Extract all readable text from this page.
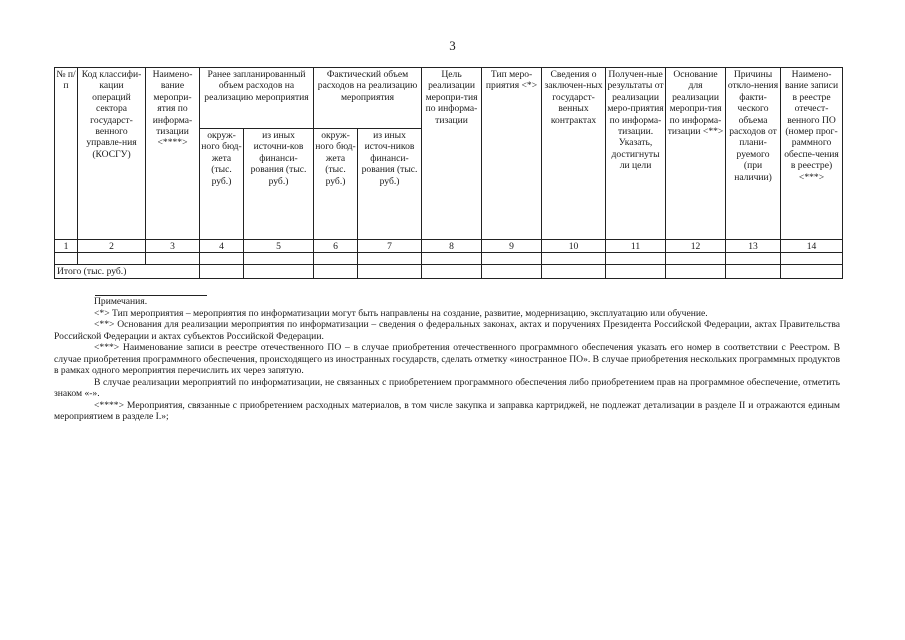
3
№ п/п	Код классифи-кации операций сектора государст-венного управле-ния (КОСГУ)	Наимено-вание меропри-ятия по информа-тизации <****>	Ранее запланированный объем расходов на реализацию мероприятия		Фактический объем расходов на реализацию мероприятия		Цель реализации меропри-тия по информа-тизации	Тип меро-приятия <*>	Сведения о заключен-ных государст-венных контрактах	Получен-ные результаты от реализации меро-приятия по информа-тизации. Указать, достигнуты ли цели	Основание для реализации меропри-тия по информа-тизации <**>	Причины откло-нения факти-ческого объема расходов от плани-руемого (при наличии)	Наимено-вание записи в реестре отечест-венного ПО (номер прог-раммного обеспе-чения в реестре) <***>
			окруж-ного бюд-жета (тыс. руб.)	из иных источни-ков финанси-рования (тыс. руб.)	окруж-ного бюд-жета (тыс. руб.)	из иных источ-ников финанси-рования (тыс. руб.)							
1	2	3	4	5	6	7	8	9	10	11	12	13	14

Итого (тыс. руб.)													

Примечания.

<*> Тип мероприятия – мероприятия по информатизации могут быть направлены на создание, развитие, модернизацию, эксплуатацию или обучение.

<**> Основания для реализации мероприятия по информатизации – сведения о федеральных законах, актах и поручениях Президента Российской Федерации, актах Правительства Российской Федерации и актах субъектов Российской Федерации.

<***> Наименование записи в реестре отечественного ПО – в случае приобретения отечественного программного обеспечения указать его номер в соответствии с Реестром. В случае приобретения программного обеспечения, происходящего из иностранных государств, сделать отметку «иностранное ПО». В случае приобретения нескольких программных продуктов в рамках одного мероприятия перечислить их через запятую.

В случае реализации мероприятий по информатизации, не связанных с приобретением программного обеспечения либо приобретением прав на программное обеспечение, отметить знаком «-».

<****> Мероприятия, связанные с приобретением расходных материалов, в том числе закупка и заправка картриджей, не подлежат детализации в разделе II и отражаются единым мероприятием в разделе I.»;
